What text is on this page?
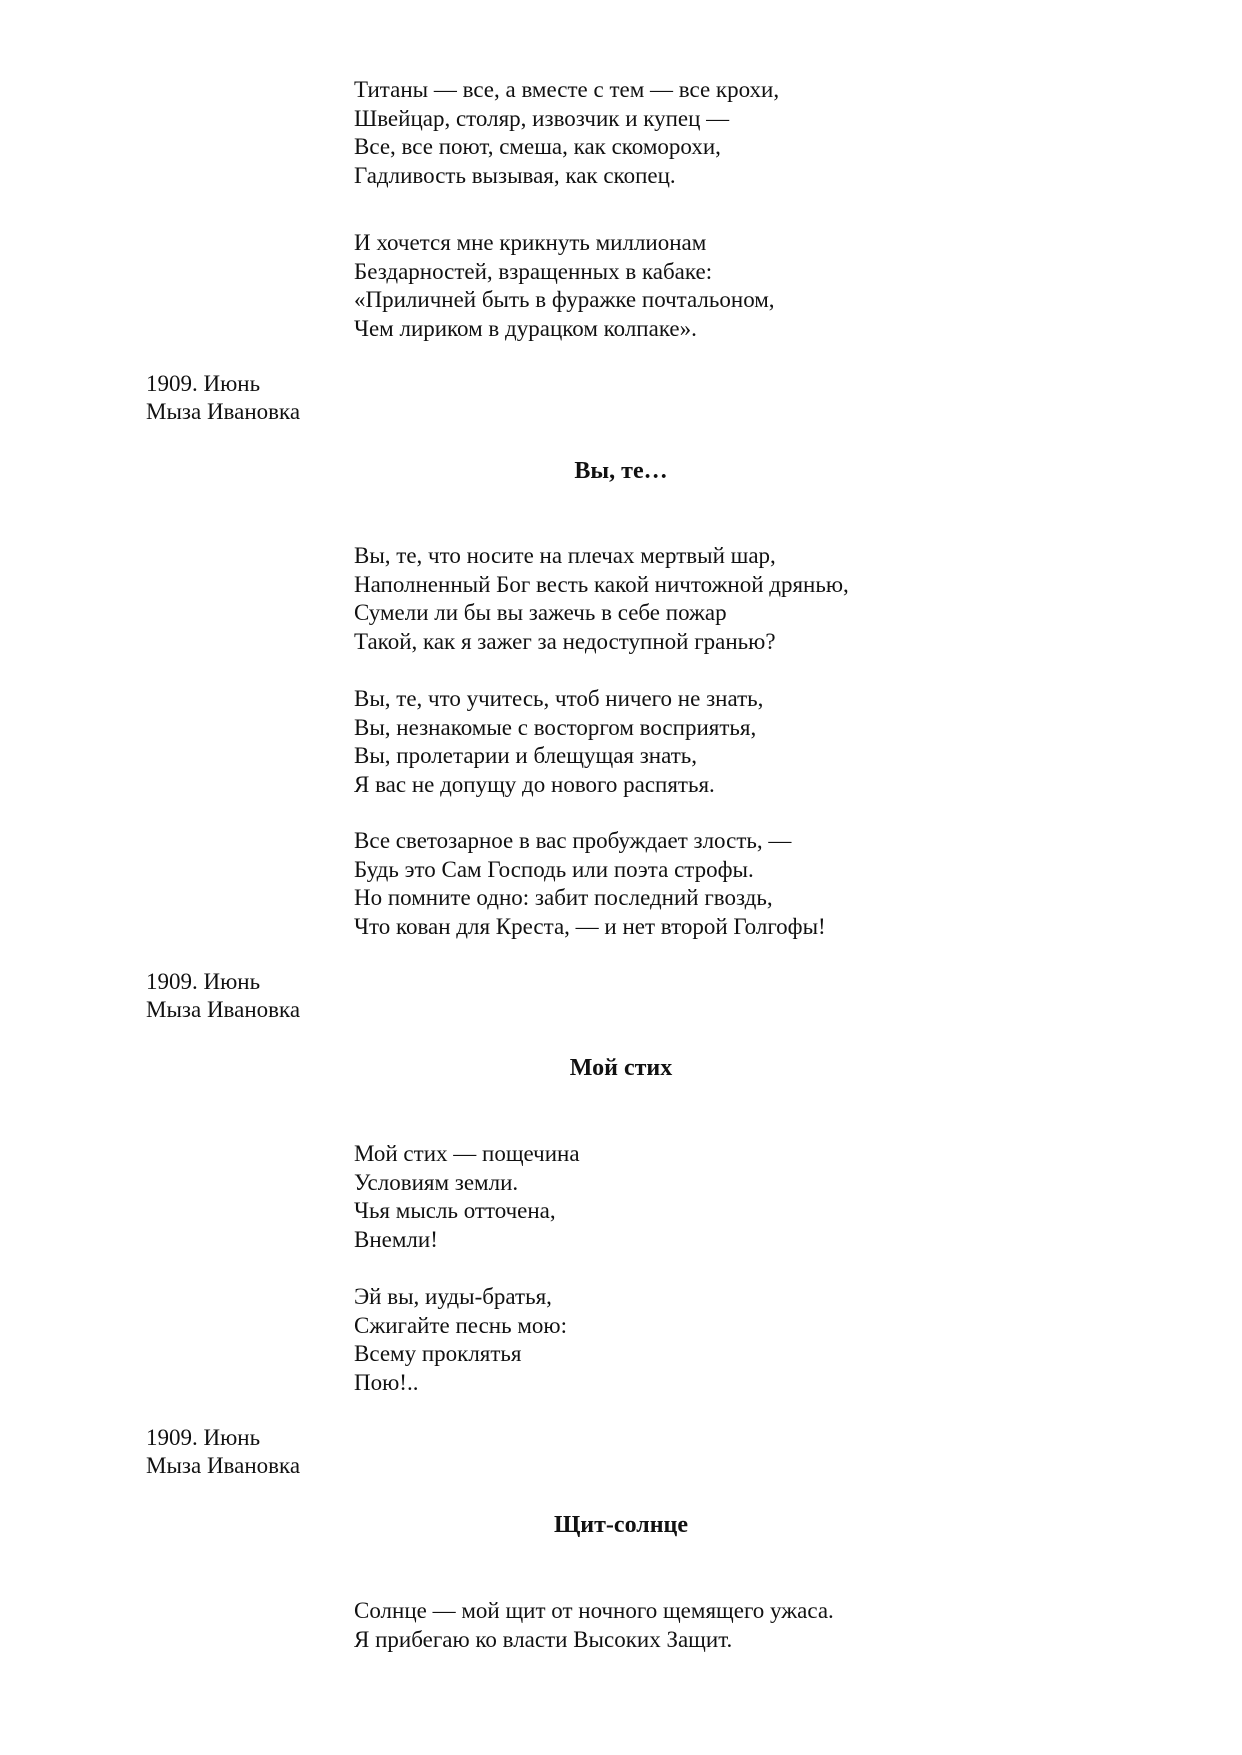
Титаны — все, а вместе с тем — все крохи,
Швейцар, столяр, извозчик и купец —
Все, все поют, смеша, как скоморохи,
Гадливость вызывая, как скопец.
И хочется мне крикнуть миллионам
Бездарностей, взращенных в кабаке:
«Приличней быть в фуражке почтальоном,
Чем лириком в дурацком колпаке».
1909. Июнь
Мыза Ивановка
Вы, те…
Вы, те, что носите на плечах мертвый шар,
Наполненный Бог весть какой ничтожной дрянью,
Сумели ли бы вы зажечь в себе пожар
Такой, как я зажег за недоступной гранью?
Вы, те, что учитесь, чтоб ничего не знать,
Вы, незнакомые с восторгом восприятья,
Вы, пролетарии и блещущая знать,
Я вас не допущу до нового распятья.
Все светозарное в вас пробуждает злость, —
Будь это Сам Господь или поэта строфы.
Но помните одно: забит последний гвоздь,
Что кован для Креста, — и нет второй Голгофы!
1909. Июнь
Мыза Ивановка
Мой стих
Мой стих — пощечина
Условиям земли.
Чья мысль отточена,
Внемли!
Эй вы, иуды-братья,
Сжигайте песнь мою:
Всему проклятья
Пою!..
1909. Июнь
Мыза Ивановка
Щит-солнце
Солнце — мой щит от ночного щемящего ужаса.
Я прибегаю ко власти Высоких Защит.
